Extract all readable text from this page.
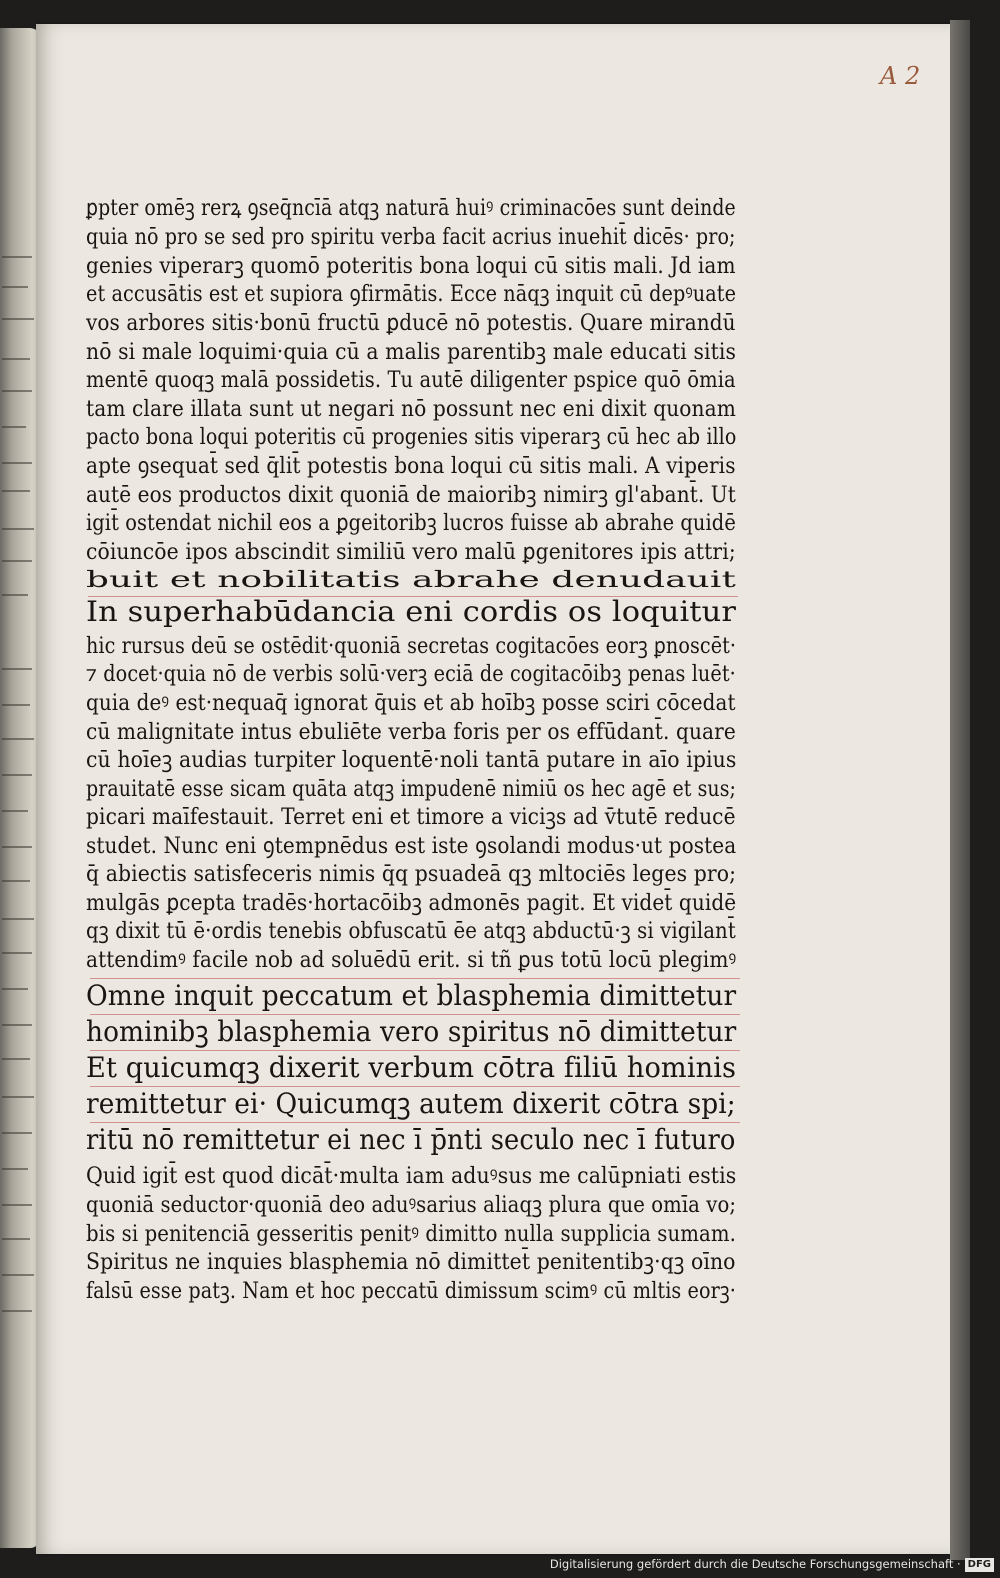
A 2

ꝑpter omēꝫ rerꝝ ꝯseq̄ncīā atqꝫ naturā huiꝰ criminacōes sunt deinde

quia nō pro se sed pro spiritu verba facit acrius inuehit̄ dicēs· pro;

genies viperarꝫ quomō poteritis bona loqui cū sitis mali. Jd iam

et accusātis est et supiora ꝯfirmātis. Ecce nāqꝫ inquit cū depꝰuate

vos arbores sitis·bonū fructū ꝑducē nō potestis. Quare mirandū

nō si male loquimi·quia cū a malis parentibꝫ male educati sitis

mentē quoqꝫ malā possidetis. Tu autē diligenter pspice quō ōmia

tam clare illata sunt ut negari nō possunt nec eni dixit quonam

pacto bona loqui poteritis cū progenies sitis viperarꝫ cū hec ab illo

apte ꝯsequat̄ sed q̄lit̄ potestis bona loqui cū sitis mali. A viperis

autē eos productos dixit quoniā de maioribꝫ nimirꝫ gl'abant̄. Ut

igit̄ ostendat nichil eos a ꝑgeitoribꝫ lucros fuisse ab abrahe quidē

cōiuncōe ipos abscindit similiū vero malū ꝑgenitores ipis attri;

buit et nobilitatis abrahe denudauit

In superhabūdancia eni cordis os loquitur

hic rursus deū se ostēdit·quoniā secretas cogitacōes eorꝫ ꝑnoscēt·

⁊ docet·quia nō de verbis solū·verꝫ eciā de cogitacōibꝫ penas luēt·

quia deꝰ est·nequaq̄ ignorat q̄uis et ab hoībꝫ posse sciri cōcedat

cū malignitate intus ebuliēte verba foris per os effūdant̄. quare

cū hoīeꝫ audias turpiter loquentē·noli tantā putare in aīo ipius

prauitatē esse sicam quāta atqꝫ impudenē nimiū os hec agē et sus;

picari maīfestauit. Terret eni et timore a viciꝫs ad v̄tutē reducē

studet. Nunc eni ꝯtempnēdus est iste ꝯsolandi modus·ut postea

q̄ abiectis satisfeceris nimis q̄q psuadeā qꝫ mltociēs leges pro;

mulgās ꝑcepta tradēs·hortacōibꝫ admonēs pagit. Et videt̄ quidē

qꝫ dixit tū ē·ordis tenebis obfuscatū ēe atqꝫ abductū·ꝫ si vigilant̄

attendimꝰ facile nob ad soluēdū erit. si tñ ꝑus totū locū plegimꝰ

Omne inquit peccatum et blasphemia dimittetur

hominibꝫ blasphemia vero spiritus nō dimittetur

Et quicumqꝫ dixerit verbum cōtra filiū hominis

remittetur ei· Quicumqꝫ autem dixerit cōtra spi;

ritū nō remittetur ei nec ī p̄nti seculo nec ī futuro

Quid igit̄ est quod dicāt̄·multa iam aduꝰsus me calūpniati estis

quoniā seductor·quoniā deo aduꝰsarius aliaqꝫ plura que omīa vo;

bis si penitenciā gesseritis penitꝰ dimitto nulla supplicia sumam.

Spiritus ne inquies blasphemia nō dimittet̄ penitentibꝫ·qꝫ oīno

falsū esse patꝫ. Nam et hoc peccatū dimissum scimꝰ cū mltis eorꝫ·

Digitalisierung gefördert durch die Deutsche Forschungsgemeinschaft · DFG
